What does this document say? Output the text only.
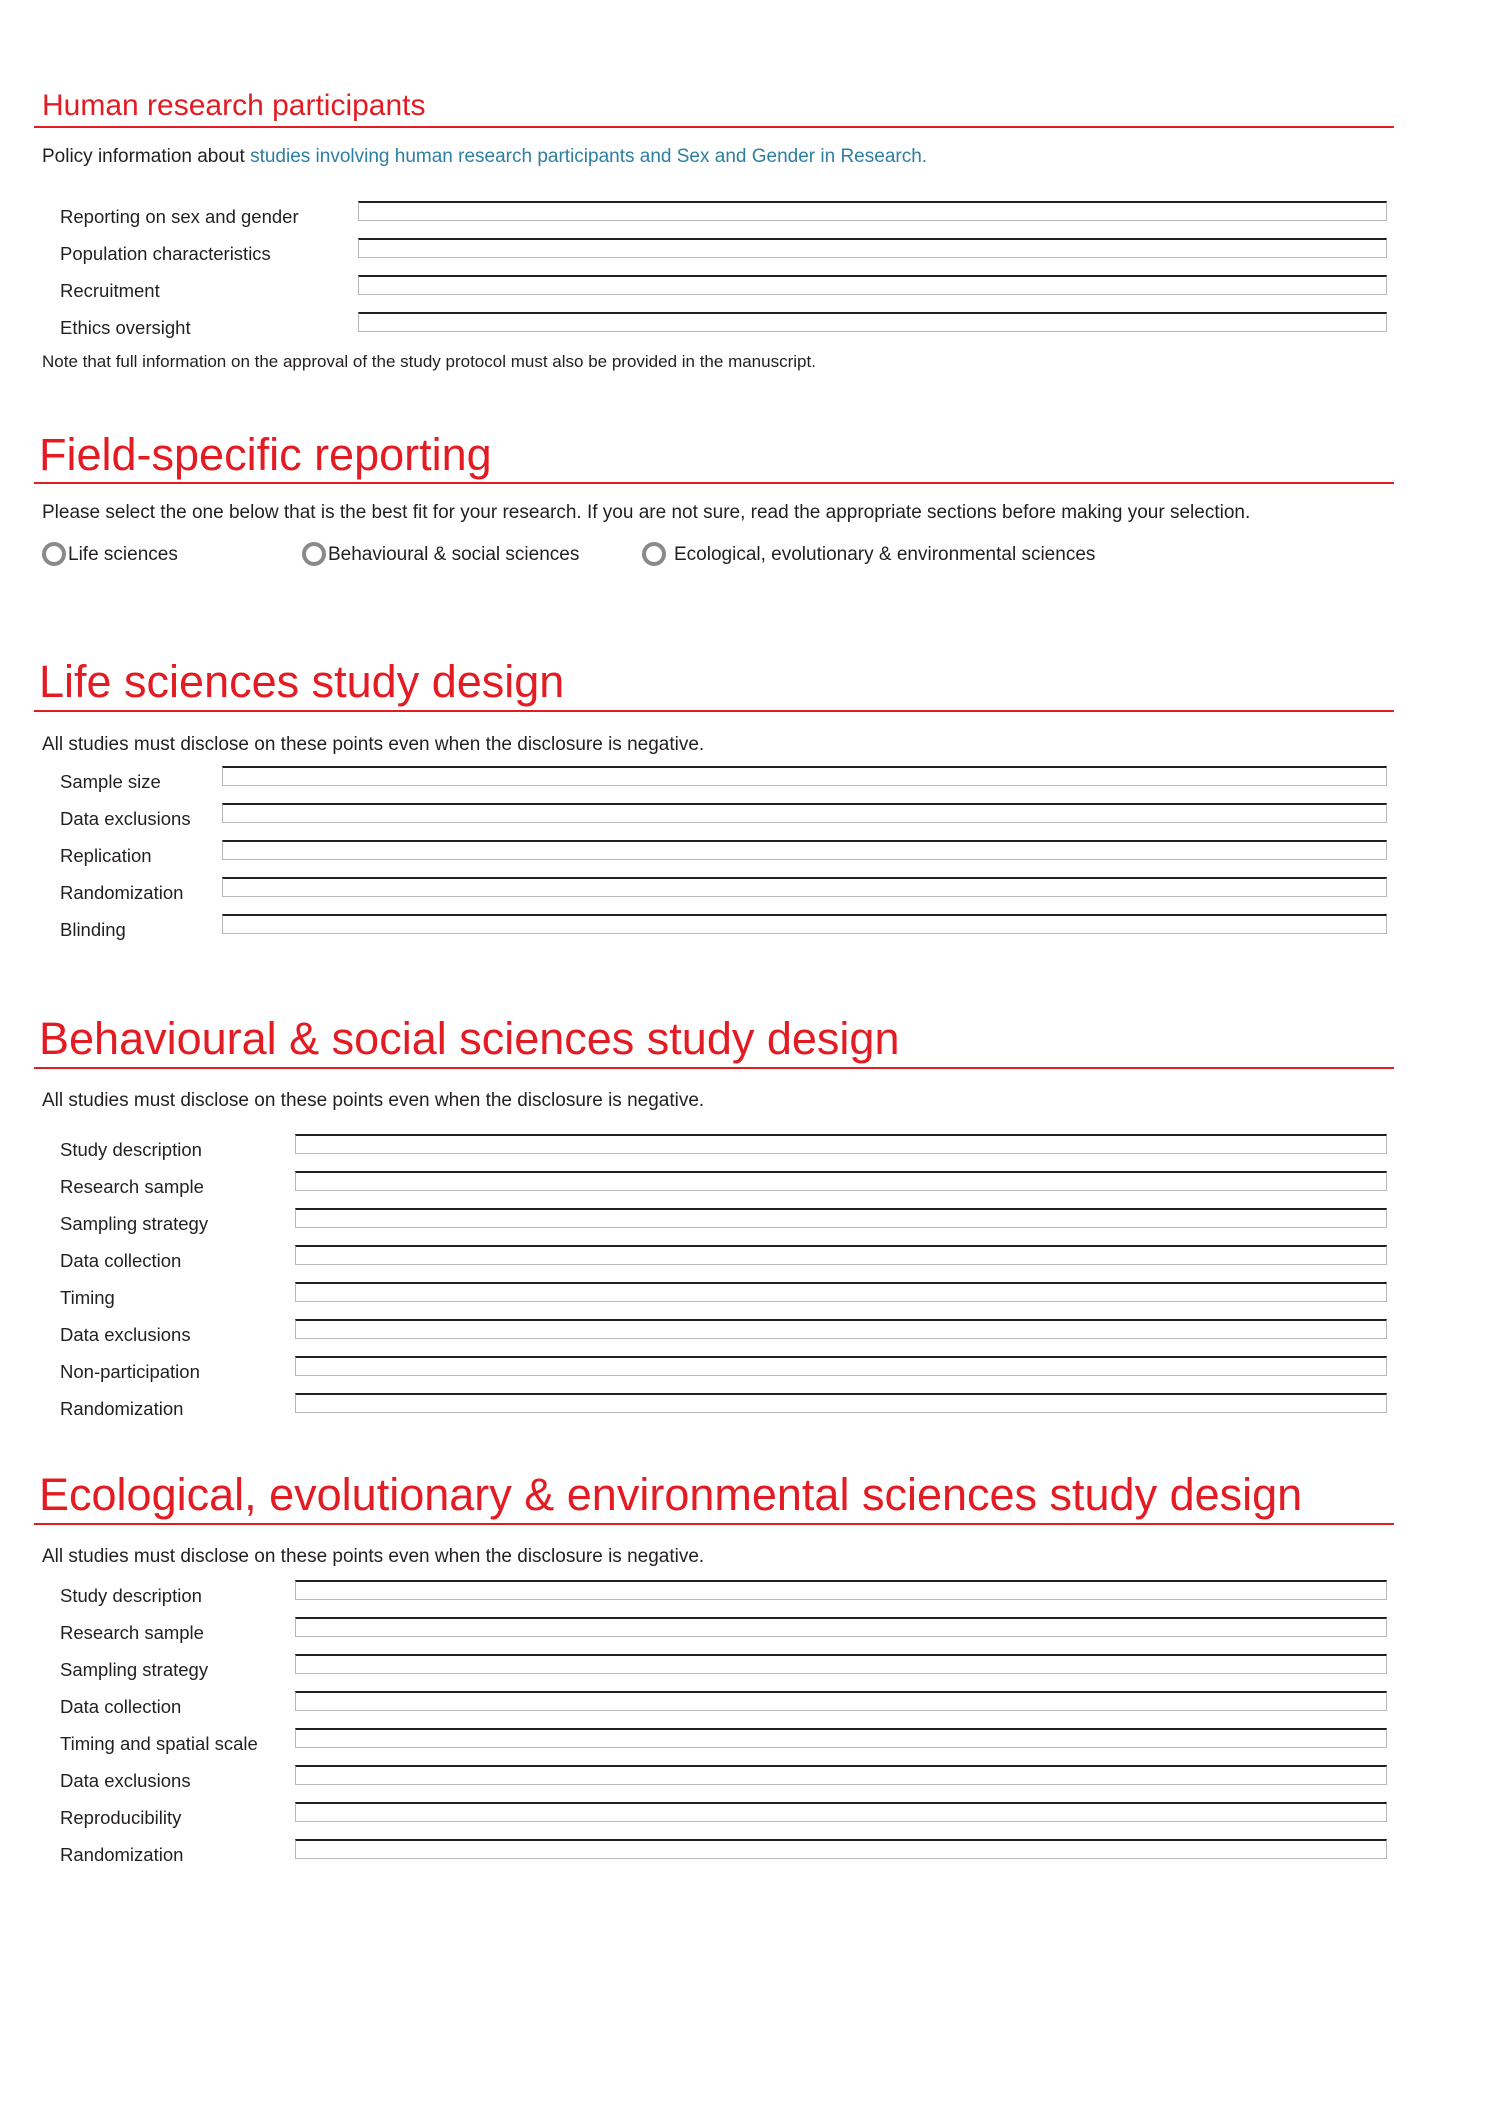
Human research participants
Policy information about studies involving human research participants and Sex and Gender in Research.
Reporting on sex and gender
Population characteristics
Recruitment
Ethics oversight
Note that full information on the approval of the study protocol must also be provided in the manuscript.
Field-specific reporting
Please select the one below that is the best fit for your research. If you are not sure, read the appropriate sections before making your selection.
Life sciences	Behavioural & social sciences	Ecological, evolutionary & environmental sciences
Life sciences study design
All studies must disclose on these points even when the disclosure is negative.
Sample size
Data exclusions
Replication
Randomization
Blinding
Behavioural & social sciences study design
All studies must disclose on these points even when the disclosure is negative.
Study description
Research sample
Sampling strategy
Data collection
Timing
Data exclusions
Non-participation
Randomization
Ecological, evolutionary & environmental sciences study design
All studies must disclose on these points even when the disclosure is negative.
Study description
Research sample
Sampling strategy
Data collection
Timing and spatial scale
Data exclusions
Reproducibility
Randomization
